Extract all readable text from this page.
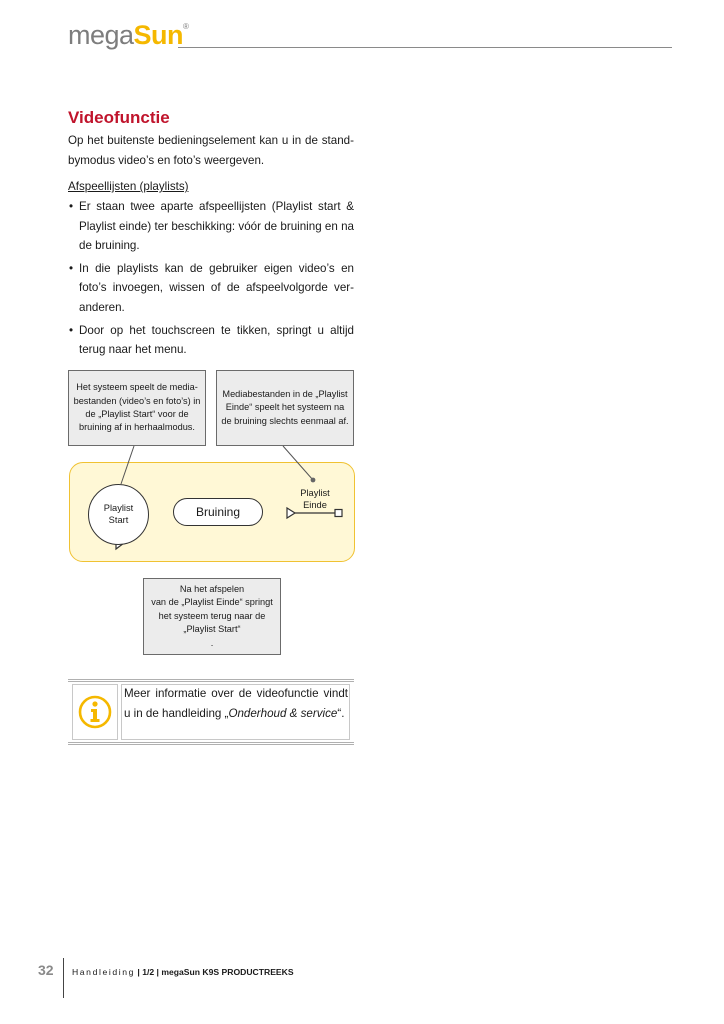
megaSun®
Videofunctie

Op het buitenste bedieningselement kan u in de stand-bymodus video’s en foto’s weergeven.

Afspeellijsten (playlists)
• Er staan twee aparte afspeellijsten (Playlist start & Playlist einde) ter beschikking: vóór de bruining en na de bruining.
• In die playlists kan de gebruiker eigen video’s en foto’s invoegen, wissen of de afspeelvolgorde ver-anderen.
• Door op het touchscreen te tikken, springt u altijd terug naar het menu.
Het systeem speelt de media-bestanden (video’s en foto’s) in de „Playlist Start“ voor de bruining af in herhaalmodus.
Mediabestanden in de „Playlist Einde“ speelt het systeem na de bruining slechts eenmaal af.
Playlist
Start
Bruining
Playlist
Einde
Na het afspelen
van de „Playlist Einde“ springt het systeem terug naar de „Playlist Start“
.

Meer informatie over de videofunctie vindt u in de handleiding „Onderhoud & service“.

32 Handleiding | 1/2 | megaSun K9S PRODUCTREEKS
